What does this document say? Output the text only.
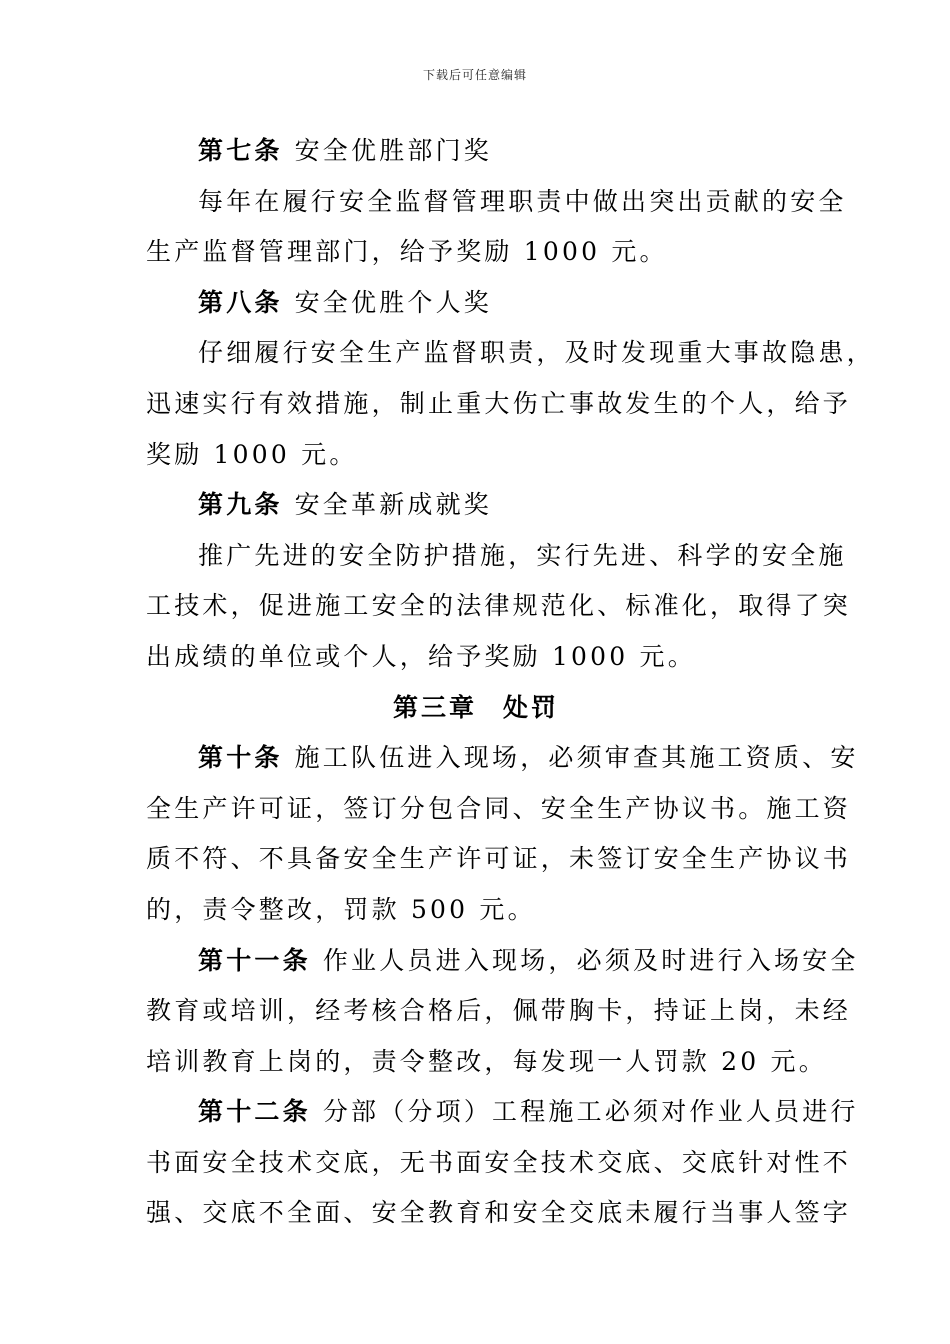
下载后可任意编辑
第七条 安全优胜部门奖
每年在履行安全监督管理职责中做出突出贡献的安全
生产监督管理部门，给予奖励 1000 元。
第八条 安全优胜个人奖
仔细履行安全生产监督职责，及时发现重大事故隐患，
迅速实行有效措施，制止重大伤亡事故发生的个人，给予
奖励 1000 元。
第九条 安全革新成就奖
推广先进的安全防护措施，实行先进、科学的安全施
工技术，促进施工安全的法律规范化、标准化，取得了突
出成绩的单位或个人，给予奖励 1000 元。
第三章 处罚
第十条 施工队伍进入现场，必须审查其施工资质、安
全生产许可证，签订分包合同、安全生产协议书。施工资
质不符、不具备安全生产许可证，未签订安全生产协议书
的，责令整改，罚款 500 元。
第十一条 作业人员进入现场，必须及时进行入场安全
教育或培训，经考核合格后，佩带胸卡，持证上岗，未经
培训教育上岗的，责令整改，每发现一人罚款 20 元。
第十二条 分部（分项）工程施工必须对作业人员进行
书面安全技术交底，无书面安全技术交底、交底针对性不
强、交底不全面、安全教育和安全交底未履行当事人签字
